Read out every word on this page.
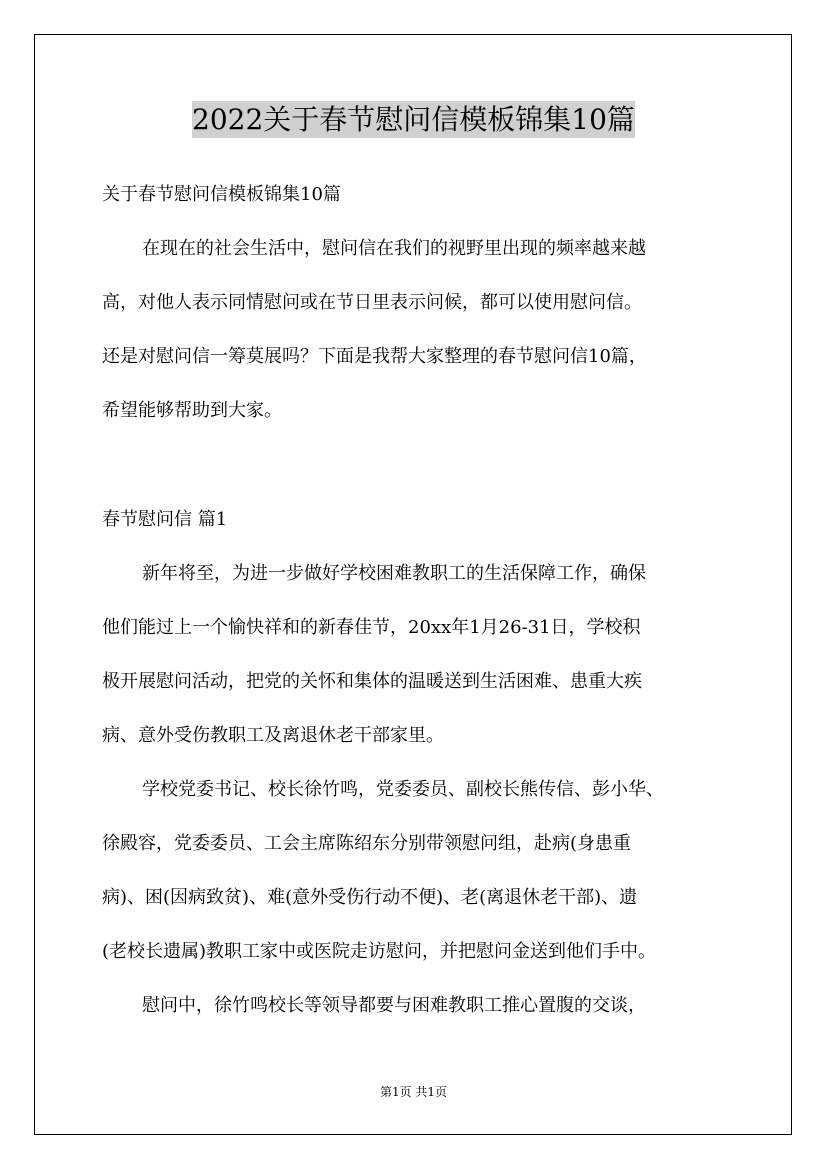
2022关于春节慰问信模板锦集10篇
关于春节慰问信模板锦集10篇
在现在的社会生活中，慰问信在我们的视野里出现的频率越来越
高，对他人表示同情慰问或在节日里表示问候，都可以使用慰问信。
还是对慰问信一筹莫展吗？下面是我帮大家整理的春节慰问信10篇，
希望能够帮助到大家。
春节慰问信 篇1
新年将至，为进一步做好学校困难教职工的生活保障工作，确保
他们能过上一个愉快祥和的新春佳节，20xx年1月26-31日，学校积
极开展慰问活动，把党的关怀和集体的温暖送到生活困难、患重大疾
病、意外受伤教职工及离退休老干部家里。
学校党委书记、校长徐竹鸣，党委委员、副校长熊传信、彭小华、
徐殿容，党委委员、工会主席陈绍东分别带领慰问组，赴病(身患重
病)、困(因病致贫)、难(意外受伤行动不便)、老(离退休老干部)、遗
(老校长遗属)教职工家中或医院走访慰问，并把慰问金送到他们手中。
慰问中，徐竹鸣校长等领导都要与困难教职工推心置腹的交谈，
第1页 共1页
